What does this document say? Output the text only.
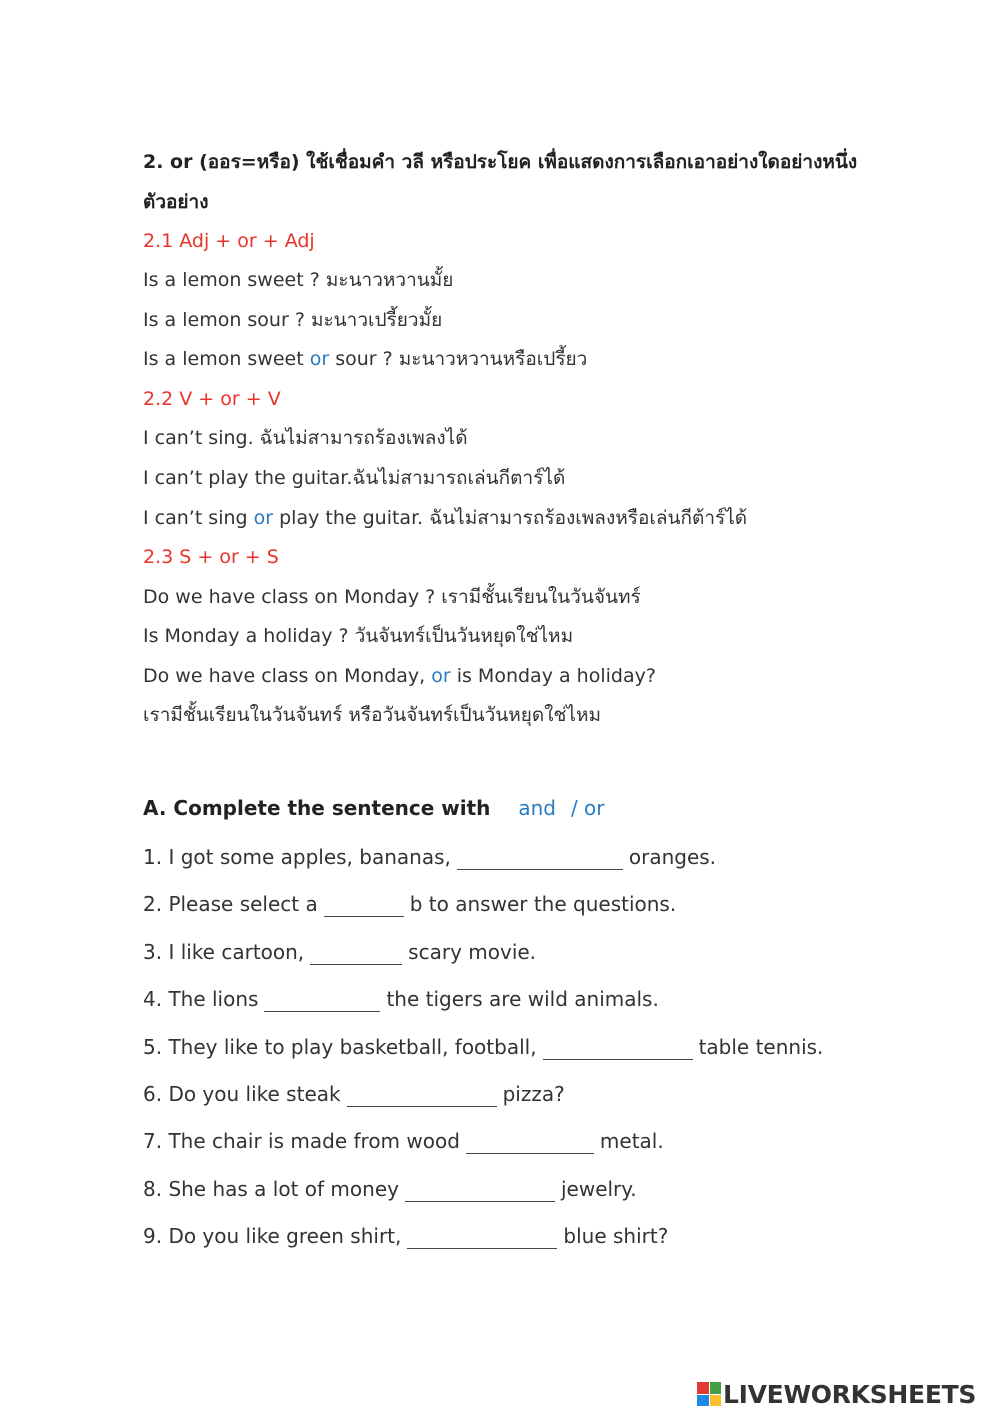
2. or (ออร=หรือ) ใช้เชื่อมคำ วลี หรือประโยค เพื่อแสดงการเลือกเอาอย่างใดอย่างหนึ่ง
ตัวอย่าง
2.1 Adj + or + Adj
Is a lemon sweet ? มะนาวหวานมั้ย
Is a lemon sour ? มะนาวเปรี้ยวมั้ย
Is a lemon sweet or sour ? มะนาวหวานหรือเปรี้ยว
2.2 V + or + V
I can’t sing. ฉันไม่สามารถร้องเพลงได้
I can’t play the guitar.ฉันไม่สามารถเล่นกีตาร์ได้
I can’t sing or play the guitar. ฉันไม่สามารถร้องเพลงหรือเล่นกีต้าร์ได้
2.3 S + or + S
Do we have class on Monday ? เรามีชั้นเรียนในวันจันทร์
Is Monday a holiday ? วันจันทร์เป็นวันหยุดใช่ไหม
Do we have class on Monday, or is Monday a holiday?
เรามีชั้นเรียนในวันจันทร์ หรือวันจันทร์เป็นวันหยุดใช่ไหม
A. Complete the sentence with and / or
1. I got some apples, bananas,	oranges.
2. Please select a	b to answer the questions.
3. I like cartoon,	scary movie.
4. The lions	the tigers are wild animals.
5. They like to play basketball, football,	table tennis.
6. Do you like steak	pizza?
7. The chair is made from wood	metal.
8. She has a lot of money	jewelry.
9. Do you like green shirt,	blue shirt?
LIVEWORKSHEETS
